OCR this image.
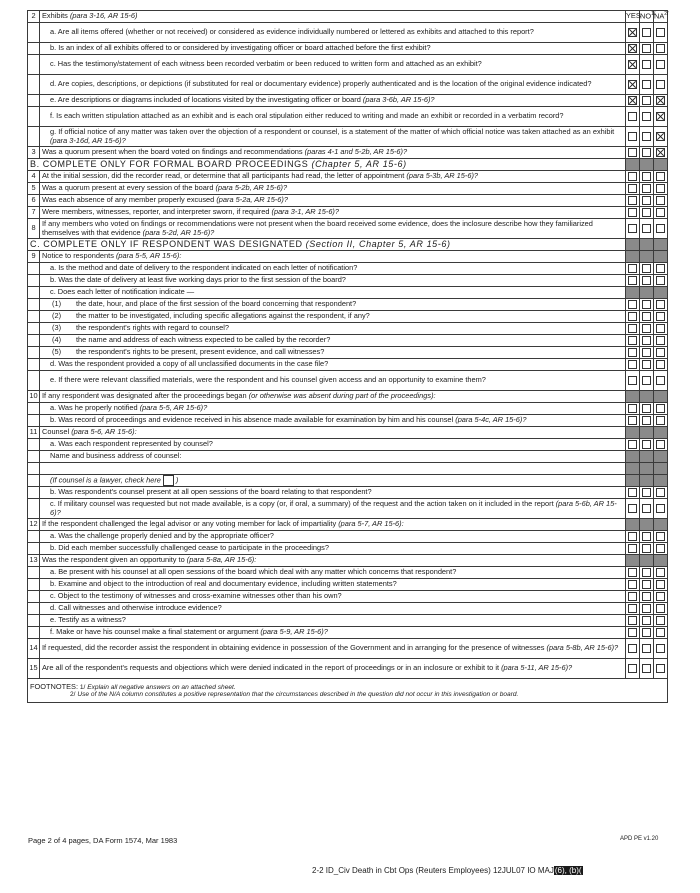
2	Exhibits (para 3-16, AR 15-6)	YES	$NO^{1/}$	$NA^{2/}$
	a. Are all items offered (whether or not received) or considered as evidence individually numbered or lettered as exhibits and attached to this report?			
	b. Is an index of all exhibits offered to or considered by investigating officer or board attached before the first exhibit?			
	c. Has the testimony/statement of each witness been recorded verbatim or been reduced to written form and attached as an exhibit?			
	d. Are copies, descriptions, or depictions (if substituted for real or documentary evidence) properly authenticated and is the location of the original evidence indicated?			
	e. Are descriptions or diagrams included of locations visited by the investigating officer or board (para 3-6b, AR 15-6)?			
	f. Is each written stipulation attached as an exhibit and is each oral stipulation either reduced to writing and made an exhibit or recorded in a verbatim record?			
	g. If official notice of any matter was taken over the objection of a respondent or counsel, is a statement of the matter of which official notice was taken attached as an exhibit (para 3-16d, AR 15-6)?			
3	Was a quorum present when the board voted on findings and recommendations (paras 4-1 and 5-2b, AR 15-6)?			
B. COMPLETE ONLY FOR FORMAL BOARD PROCEEDINGS (Chapter 5, AR 15-6)				
4	At the initial session, did the recorder read, or determine that all participants had read, the letter of appointment (para 5-3b, AR 15-6)?			
5	Was a quorum present at every session of the board (para 5-2b, AR 15-6)?			
6	Was each absence of any member properly excused (para 5-2a, AR 15-6)?			
7	Were members, witnesses, reporter, and interpreter sworn, if required (para 3-1, AR 15-6)?			
8	If any members who voted on findings or recommendations were not present when the board received some evidence, does the inclosure describe how they familiarized themselves with that evidence (para 5-2d, AR 15-6)?			
C. COMPLETE ONLY IF RESPONDENT WAS DESIGNATED (Section II, Chapter 5, AR 15-6)				
9	Notice to respondents (para 5-5, AR 15-6):			
	a. Is the method and date of delivery to the respondent indicated on each letter of notification?			
	b. Was the date of delivery at least five working days prior to the first session of the board?			
	c. Does each letter of notification indicate —			
	(1) the date, hour, and place of the first session of the board concerning that respondent?			
	(2) the matter to be investigated, including specific allegations against the respondent, if any?			
	(3) the respondent's rights with regard to counsel?			
	(4) the name and address of each witness expected to be called by the recorder?			
	(5) the respondent's rights to be present, present evidence, and call witnesses?			
	d. Was the respondent provided a copy of all unclassified documents in the case file?			
	e. If there were relevant classified materials, were the respondent and his counsel given access and an opportunity to examine them?			
10	If any respondent was designated after the proceedings began (or otherwise was absent during part of the proceedings):			
	a. Was he properly notified (para 5-5, AR 15-6)?			
	b. Was record of proceedings and evidence received in his absence made available for examination by him and his counsel (para 5-4c, AR 15-6)?			
11	Counsel (para 5-6, AR 15-6):			
	a. Was each respondent represented by counsel?			
	Name and business address of counsel:			

	(If counsel is a lawyer, check here )			
	b. Was respondent's counsel present at all open sessions of the board relating to that respondent?			
	c. If military counsel was requested but not made available, is a copy (or, if oral, a summary) of the request and the action taken on it included in the report (para 5-6b, AR 15-6)?			
12	If the respondent challenged the legal advisor or any voting member for lack of impartiality (para 5-7, AR 15-6):			
	a. Was the challenge properly denied and by the appropriate officer?			
	b. Did each member successfully challenged cease to participate in the proceedings?			
13	Was the respondent given an opportunity to (para 5-8a, AR 15-6):			
	a. Be present with his counsel at all open sessions of the board which deal with any matter which concerns that respondent?			
	b. Examine and object to the introduction of real and documentary evidence, including written statements?			
	c. Object to the testimony of witnesses and cross-examine witnesses other than his own?			
	d. Call witnesses and otherwise introduce evidence?			
	e. Testify as a witness?			
	f. Make or have his counsel make a final statement or argument (para 5-9, AR 15-6)?			
14	If requested, did the recorder assist the respondent in obtaining evidence in possession of the Government and in arranging for the presence of witnesses (para 5-8b, AR 15-6)?			
15	Are all of the respondent's requests and objections which were denied indicated in the report of proceedings or in an inclosure or exhibit to it (para 5-11, AR 15-6)?			
FOOTNOTES: 1/ Explain all negative answers on an attached sheet.
2/ Use of the N/A column constitutes a positive representation that the circumstances described in the question did not occur in this investigation or board.				
Page 2 of 4 pages, DA Form 1574, Mar 1983	APD PE v1.20
2-2 ID_Civ Death in Cbt Ops (Reuters Employees) 12JUL07 IO MAJ(6), (b)(
